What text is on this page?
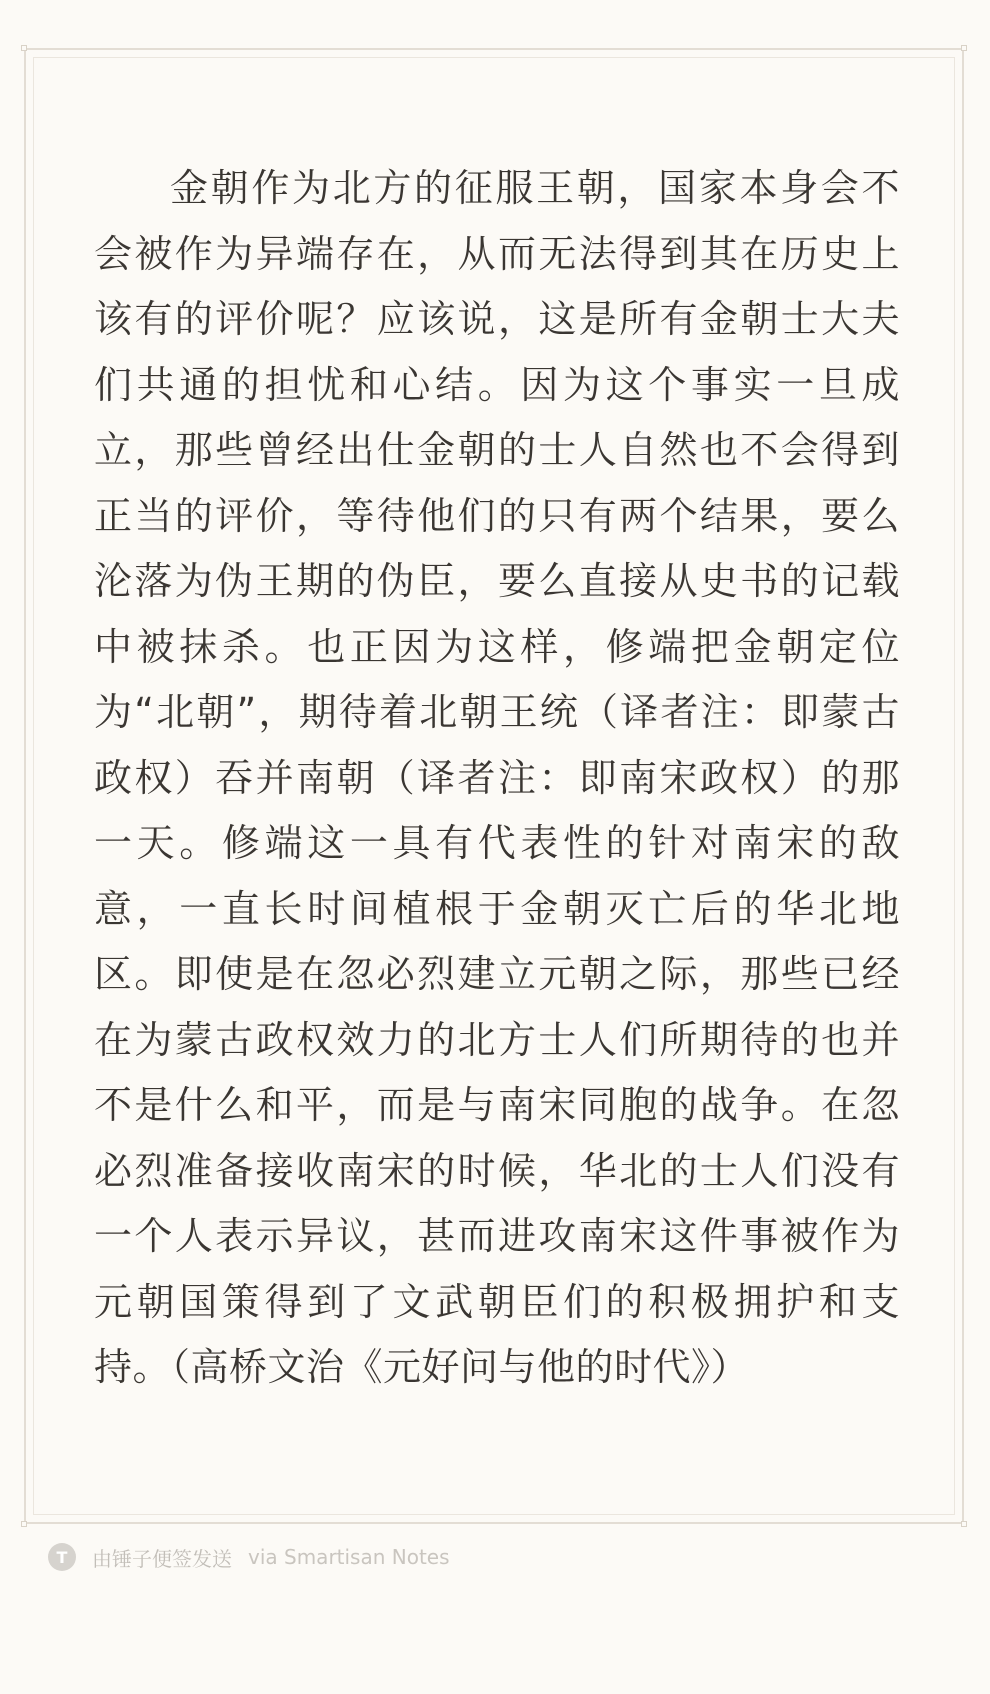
金朝作为北方的征服王朝，国家本身会不会被作为异端存在，从而无法得到其在历史上该有的评价呢？应该说，这是所有金朝士大夫们共通的担忧和心结。因为这个事实一旦成立，那些曾经出仕金朝的士人自然也不会得到正当的评价，等待他们的只有两个结果，要么沦落为伪王期的伪臣，要么直接从史书的记载中被抹杀。也正因为这样，修端把金朝定位为“北朝”，期待着北朝王统（译者注：即蒙古政权）吞并南朝（译者注：即南宋政权）的那一天。修端这一具有代表性的针对南宋的敌意，一直长时间植根于金朝灭亡后的华北地区。即使是在忽必烈建立元朝之际，那些已经在为蒙古政权效力的北方士人们所期待的也并不是什么和平，而是与南宋同胞的战争。在忽必烈准备接收南宋的时候，华北的士人们没有一个人表示异议，甚而进攻南宋这件事被作为元朝国策得到了文武朝臣们的积极拥护和支持。（高桥文治《元好问与他的时代》）

T	由锤子便签发送 via Smartisan Notes
